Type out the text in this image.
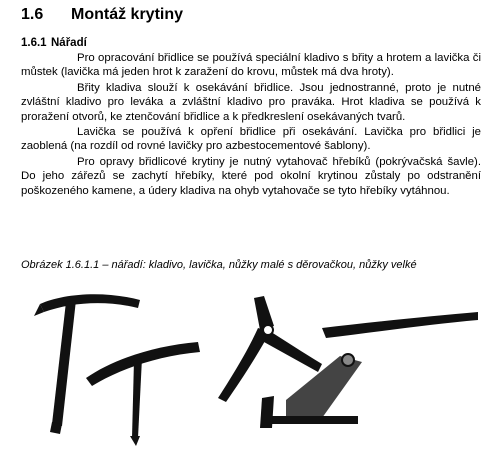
1.6 Montáž krytiny
1.6.1 Nářadí

Pro opracování břidlice se používá speciální kladivo s břity a hrotem a lavička či můstek (lavička má jeden hrot k zaražení do krovu, můstek má dva hroty).

Břity kladiva slouží k osekávání břidlice. Jsou jednostranné, proto je nutné zvláštní kladivo pro leváka a zvláštní kladivo pro praváka. Hrot kladiva se používá k proražení otvorů, ke ztenčování břidlice a k předkreslení osekávaných tvarů.

Lavička se používá k opření břidlice při osekávání. Lavička pro břidlici je zaoblená (na rozdíl od rovné lavičky pro azbestocementové šablony).

Pro opravy břidlicové krytiny je nutný vytahovač hřebíků (pokrývačská šavle). Do jeho zářezů se zachytí hřebíky, které pod okolní krytinou zůstaly po odstranění poškozeného kamene, a údery kladiva na ohyb vytahovače se tyto hřebíky vytáhnou.

Obrázek 1.6.1.1 – nářadí: kladivo, lavička, nůžky malé s děrovačkou, nůžky velké
